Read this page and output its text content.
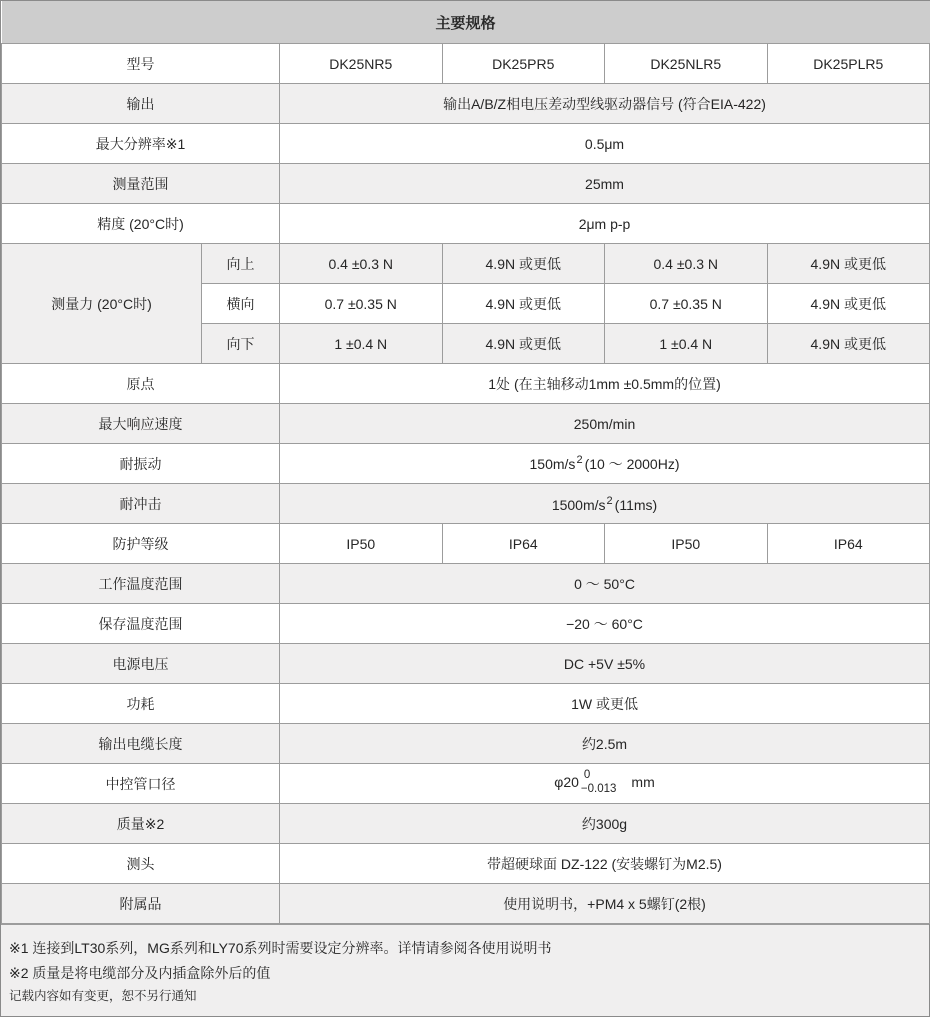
主要规格					
型号		DK25NR5	DK25PR5	DK25NLR5	DK25PLR5
输出		输出A/B/Z相电压差动型线驱动器信号 (符合EIA-422)			
最大分辨率※1		0.5μm			
测量范围		25mm			
精度 (20°C时)		2μm p-p			
测量力 (20°C时)	向上	0.4 ±0.3 N	4.9N 或更低	0.4 ±0.3 N	4.9N 或更低
	横向	0.7 ±0.35 N	4.9N 或更低	0.7 ±0.35 N	4.9N 或更低
	向下	1 ±0.4 N	4.9N 或更低	1 ±0.4 N	4.9N 或更低
原点		1处 (在主轴移动1mm ±0.5mm的位置)			
最大响应速度		250m/min			
耐振动		$150m/s^2$ (10 ～ 2000Hz)			
耐冲击		$1500m/s^2$ (11ms)			
防护等级		IP50	IP64	IP50	IP64
工作温度范围		0 ～ 50°C			
保存温度范围		−20 ～ 60°C			
电源电压		DC +5V ±5%			
功耗		1W 或更低			
输出电缆长度		约2.5m			
中控管口径		φ20 0
−0.013 mm			
质量※2		约300g			
测头		带超硬球面 DZ-122 (安装螺钉为M2.5)			
附属品		使用说明书，+PM4 x 5螺钉(2根)			
※1 连接到LT30系列，MG系列和LY70系列时需要设定分辨率。详情请参阅各使用说明书
※2 质量是将电缆部分及内插盒除外后的值
记载内容如有变更，恕不另行通知
